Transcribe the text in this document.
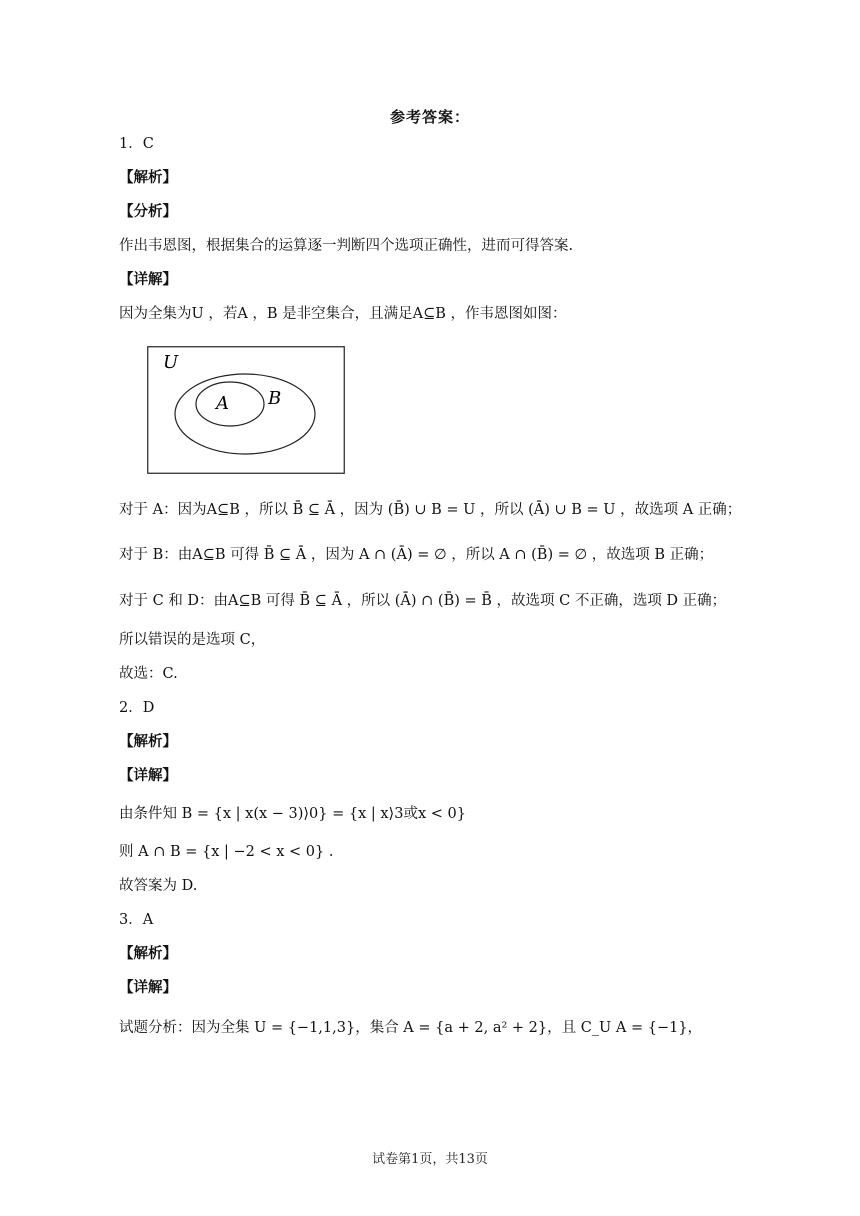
参考答案：
1．C
【解析】
【分析】
作出韦恩图，根据集合的运算逐一判断四个选项正确性，进而可得答案.
【详解】
因为全集为U ，若A ，B 是非空集合，且满足A⊆B ，作韦恩图如图：
U
A B
对于 A：因为A⊆B ，所以 B̄ ⊆ Ā ，因为 (B̄) ∪ B = U ，所以 (Ā) ∪ B = U ，故选项 A 正确；
对于 B：由A⊆B 可得 B̄ ⊆ Ā ，因为 A ∩ (Ā) = ∅ ，所以 A ∩ (B̄) = ∅ ，故选项 B 正确；
对于 C 和 D：由A⊆B 可得 B̄ ⊆ Ā ，所以 (Ā) ∩ (B̄) = B̄ ，故选项 C 不正确，选项 D 正确；
所以错误的是选项 C，
故选：C.
2．D
【解析】
【详解】
由条件知 B = {x | x(x − 3)⟩0} = {x | x⟩3或x < 0}
则 A ∩ B = {x | −2 < x < 0} .
故答案为 D.
3．A
【解析】
【详解】
试题分析：因为全集 U = {−1,1,3}，集合 A = {a + 2, a² + 2}，且 C_U A = {−1}，
试卷第1页，共13页
